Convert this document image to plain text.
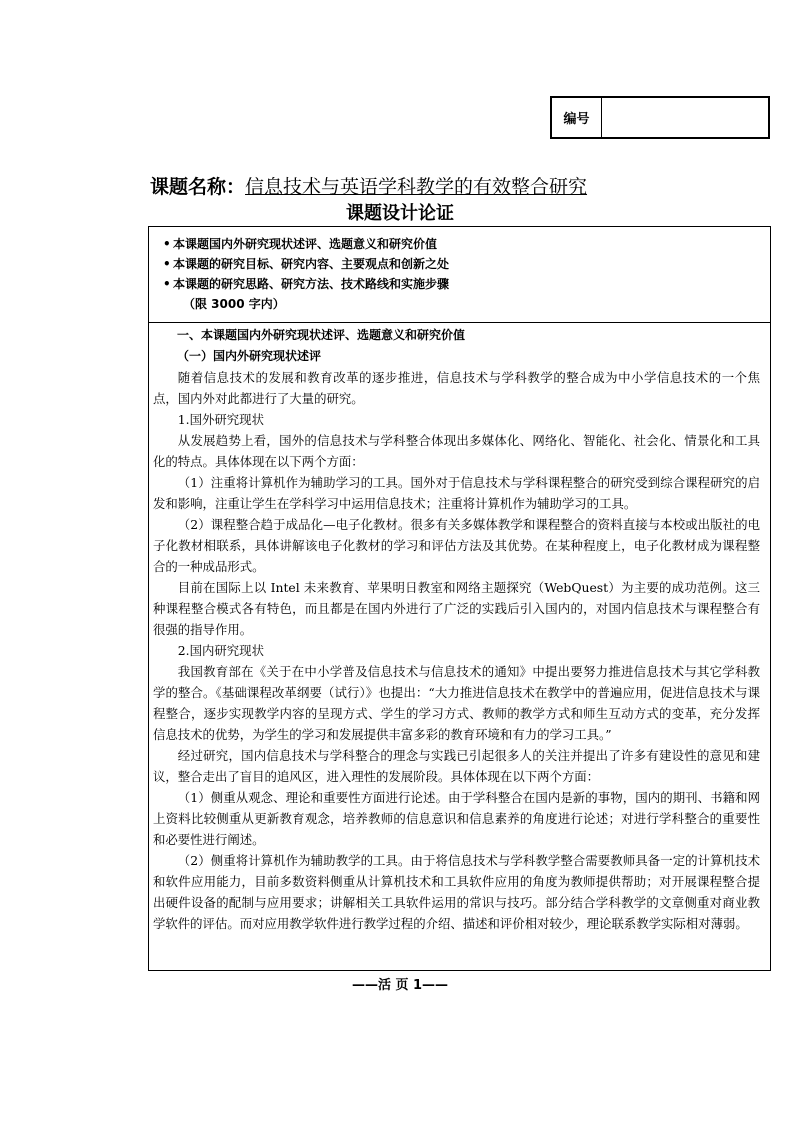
编号
课题名称：信息技术与英语学科教学的有效整合研究
课题设计论证
• 本课题国内外研究现状述评、选题意义和研究价值
• 本课题的研究目标、研究内容、主要观点和创新之处
• 本课题的研究思路、研究方法、技术路线和实施步骤
（限 3000 字内）

一、本课题国内外研究现状述评、选题意义和研究价值

（一）国内外研究现状述评

随着信息技术的发展和教育改革的逐步推进，信息技术与学科教学的整合成为中小学信息技术的一个焦点，国内外对此都进行了大量的研究。

1.国外研究现状

从发展趋势上看，国外的信息技术与学科整合体现出多媒体化、网络化、智能化、社会化、情景化和工具化的特点。具体体现在以下两个方面：

（1）注重将计算机作为辅助学习的工具。国外对于信息技术与学科课程整合的研究受到综合课程研究的启发和影响，注重让学生在学科学习中运用信息技术；注重将计算机作为辅助学习的工具。

（2）课程整合趋于成品化—电子化教材。很多有关多媒体教学和课程整合的资料直接与本校或出版社的电子化教材相联系，具体讲解该电子化教材的学习和评估方法及其优势。在某种程度上，电子化教材成为课程整合的一种成品形式。

目前在国际上以 Intel 未来教育、苹果明日教室和网络主题探究（WebQuest）为主要的成功范例。这三种课程整合模式各有特色，而且都是在国内外进行了广泛的实践后引入国内的，对国内信息技术与课程整合有很强的指导作用。

2.国内研究现状

我国教育部在《关于在中小学普及信息技术与信息技术的通知》中提出要努力推进信息技术与其它学科教学的整合。《基础课程改革纲要（试行）》也提出：“大力推进信息技术在教学中的普遍应用，促进信息技术与课程整合，逐步实现教学内容的呈现方式、学生的学习方式、教师的教学方式和师生互动方式的变革，充分发挥信息技术的优势，为学生的学习和发展提供丰富多彩的教育环境和有力的学习工具。”

经过研究，国内信息技术与学科整合的理念与实践已引起很多人的关注并提出了许多有建设性的意见和建议，整合走出了盲目的追风区，进入理性的发展阶段。具体体现在以下两个方面：

（1）侧重从观念、理论和重要性方面进行论述。由于学科整合在国内是新的事物，国内的期刊、书籍和网上资料比较侧重从更新教育观念，培养教师的信息意识和信息素养的角度进行论述；对进行学科整合的重要性和必要性进行阐述。

（2）侧重将计算机作为辅助教学的工具。由于将信息技术与学科教学整合需要教师具备一定的计算机技术和软件应用能力，目前多数资料侧重从计算机技术和工具软件应用的角度为教师提供帮助；对开展课程整合提出硬件设备的配制与应用要求；讲解相关工具软件运用的常识与技巧。部分结合学科教学的文章侧重对商业教学软件的评估。而对应用教学软件进行教学过程的介绍、描述和评价相对较少，理论联系教学实际相对薄弱。

——活 页 1——
